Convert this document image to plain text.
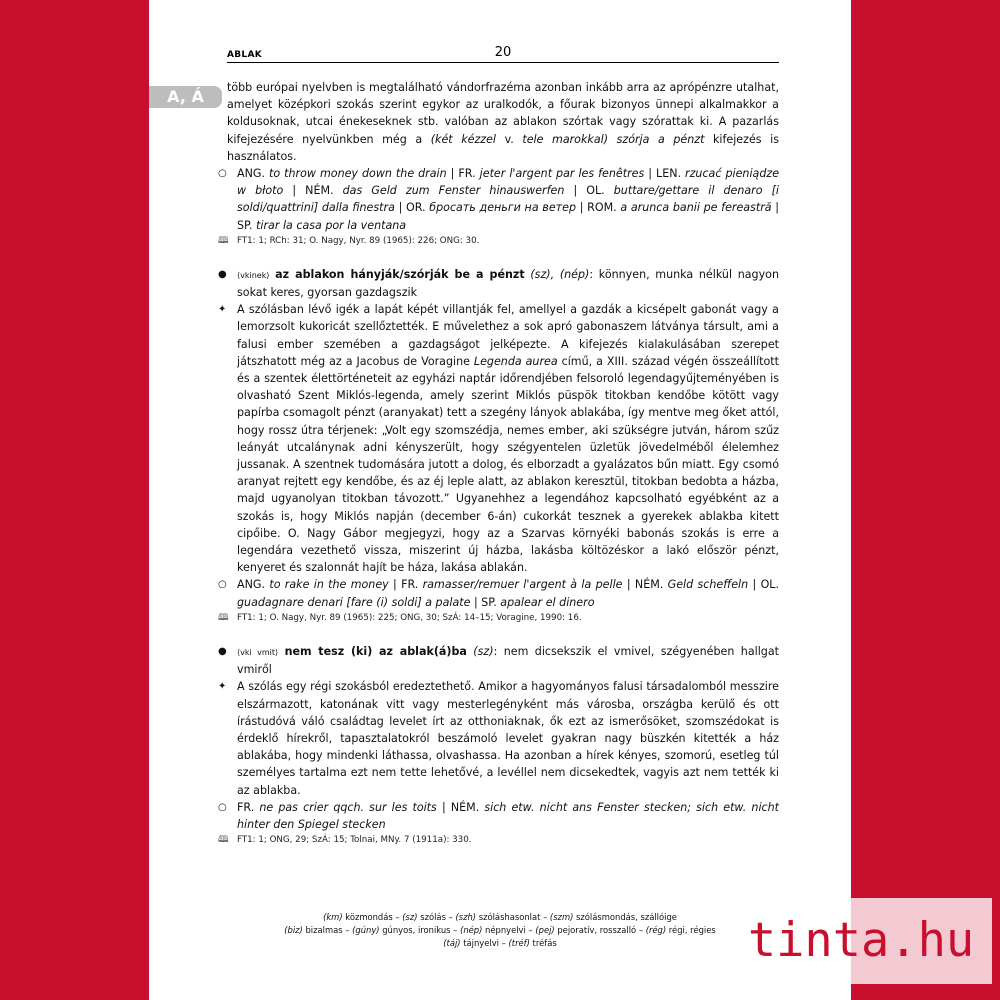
ABLAK	20
A, Á	több európai nyelvben is megtalálható vándorfrazéma azonban inkább arra az aprópénzre utalhat, amelyet középkori szokás szerint egykor az uralkodók, a főurak bizonyos ünnepi alkalmakkor a koldusoknak, utcai énekeseknek stb. valóban az ablakon szórtak vagy szórattak ki. A pazarlás kifejezésére nyelvünkben még a (két kézzel v. tele marokkal) szórja a pénzt kifejezés is használatos.

○ ANG. to throw money down the drain | FR. jeter l'argent par les fenêtres | LEN. rzucać pieniądze w błoto | NÉM. das Geld zum Fenster hinauswerfen | OL. buttare/gettare il denaro [i soldi/quattrini] dalla finestra | OR. бросать деньги на ветер | ROM. a arunca banii pe fereastră | SP. tirar la casa por la ventana

🕮 FT1: 1; RCh: 31; O. Nagy, Nyr. 89 (1965): 226; ONG: 30.

● ⟨vkinek⟩ az ablakon hányják/szórják be a pénzt (sz), (nép): könnyen, munka nélkül nagyon sokat keres, gyorsan gazdagszik

✦ A szólásban lévő igék a lapát képét villantják fel, amellyel a gazdák a kicsépelt gabonát vagy a lemorzsolt kukoricát szellőztették. E művelethez a sok apró gabonaszem látványa társult, ami a falusi ember szemében a gazdagságot jelképezte. A kifejezés kialakulásában szerepet játszhatott még az a Jacobus de Voragine Legenda aurea című, a XIII. század végén összeállított és a szentek élettörténeteit az egyházi naptár időrendjében felsoroló legendagyűjteményében is olvasható Szent Miklós-legenda, amely szerint Miklós püspök titokban kendőbe kötött vagy papírba csomagolt pénzt (aranyakat) tett a szegény lányok ablakába, így mentve meg őket attól, hogy rossz útra térjenek: „Volt egy szomszédja, nemes ember, aki szükségre jutván, három szűz leányát utcalánynak adni kényszerült, hogy szégyentelen üzletük jövedelméből élelemhez jussanak. A szentnek tudomására jutott a dolog, és elborzadt a gyalázatos bűn miatt. Egy csomó aranyat rejtett egy kendőbe, és az éj leple alatt, az ablakon keresztül, titokban bedobta a házba, majd ugyanolyan titokban távozott.” Ugyanehhez a legendához kapcsolható egyébként az a szokás is, hogy Miklós napján (december 6-án) cukorkát tesznek a gyerekek ablakba kitett cipőibe. O. Nagy Gábor megjegyzi, hogy az a Szarvas környéki babonás szokás is erre a legendára vezethető vissza, miszerint új házba, lakásba költözéskor a lakó először pénzt, kenyeret és szalonnát hajít be háza, lakása ablakán.

○ ANG. to rake in the money | FR. ramasser/remuer l'argent à la pelle | NÉM. Geld scheffeln | OL. guadagnare denari [fare (i) soldi] a palate | SP. apalear el dinero

🕮 FT1: 1; O. Nagy, Nyr. 89 (1965): 225; ONG, 30; SzÁ: 14–15; Voragine, 1990: 16.

● ⟨vki vmit⟩ nem tesz (ki) az ablak(á)ba (sz): nem dicsekszik el vmivel, szégyenében hallgat vmiről

✦ A szólás egy régi szokásból eredeztethető. Amikor a hagyományos falusi társadalomból messzire elszármazott, katonának vitt vagy mesterlegényként más városba, országba kerülő és ott írástudóvá váló családtag levelet írt az otthoniaknak, ők ezt az ismerősöket, szomszédokat is érdeklő hírekről, tapasztalatokról beszámoló levelet gyakran nagy büszkén kitették a ház ablakába, hogy mindenki láthassa, olvashassa. Ha azonban a hírek kényes, szomorú, esetleg túl személyes tartalma ezt nem tette lehetővé, a levéllel nem dicsekedtek, vagyis azt nem tették ki az ablakba.

○ FR. ne pas crier qqch. sur les toits | NÉM. sich etw. nicht ans Fenster stecken; sich etw. nicht hinter den Spiegel stecken

🕮 FT1: 1; ONG, 29; SzÁ: 15; Tolnai, MNy. 7 (1911a): 330.

(km) közmondás – (sz) szólás – (szh) szóláshasonlat – (szm) szólásmondás, szállóige
(biz) bizalmas – (gúny) gúnyos, ironikus – (nép) népnyelvi – (pej) pejoratív, rosszalló – (rég) régi, régies
(táj) tájnyelvi – (tréf) tréfás	tinta.hu
